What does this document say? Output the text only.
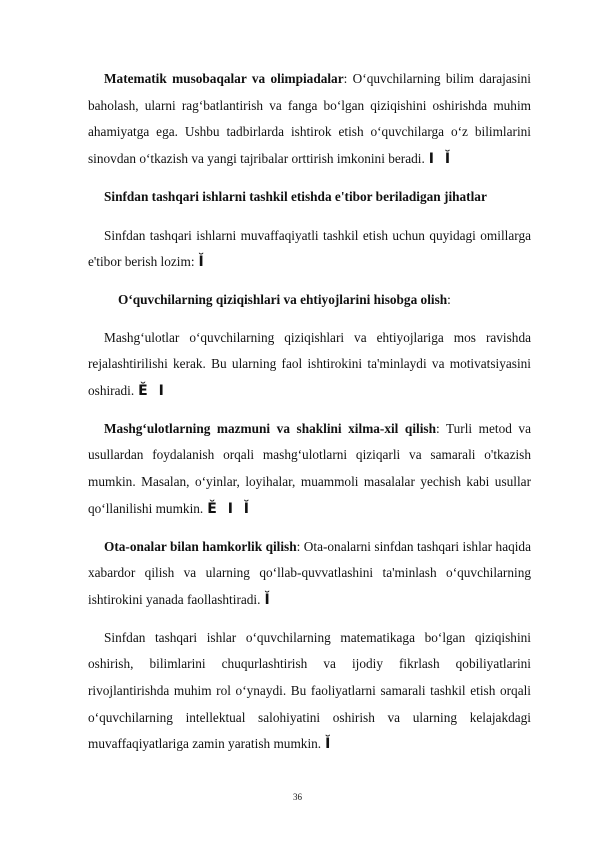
Matematik musobaqalar va olimpiadalar: O‘quvchilarning bilim darajasini baholash, ularni rag‘batlantirish va fanga bo‘lgan qiziqishini oshirishda muhim ahamiyatga ega. Ushbu tadbirlarda ishtirok etish o‘quvchilarga o‘z bilimlarini sinovdan o‘tkazish va yangi tajribalar orttirish imkonini beradi. I Ĭ

Sinfdan tashqari ishlarni tashkil etishda e'tibor beriladigan jihatlar

Sinfdan tashqari ishlarni muvaffaqiyatli tashkil etish uchun quyidagi omillarga e'tibor berish lozim: Ĭ

O‘quvchilarning qiziqishlari va ehtiyojlarini hisobga olish:

Mashg‘ulotlar o‘quvchilarning qiziqishlari va ehtiyojlariga mos ravishda rejalashtirilishi kerak. Bu ularning faol ishtirokini ta'minlaydi va motivatsiyasini oshiradi. Ě I

Mashg‘ulotlarning mazmuni va shaklini xilma-xil qilish: Turli metod va usullardan foydalanish orqali mashg‘ulotlarni qiziqarli va samarali o'tkazish mumkin. Masalan, o‘yinlar, loyihalar, muammoli masalalar yechish kabi usullar qo‘llanilishi mumkin. Ě I Ĭ

Ota-onalar bilan hamkorlik qilish: Ota-onalarni sinfdan tashqari ishlar haqida xabardor qilish va ularning qo‘llab-quvvatlashini ta'minlash o‘quvchilarning ishtirokini yanada faollashtiradi. Ĭ

Sinfdan tashqari ishlar o‘quvchilarning matematikaga bo‘lgan qiziqishini oshirish, bilimlarini chuqurlashtirish va ijodiy fikrlash qobiliyatlarini rivojlantirishda muhim rol o‘ynaydi. Bu faoliyatlarni samarali tashkil etish orqali o‘quvchilarning intellektual salohiyatini oshirish va ularning kelajakdagi muvaffaqiyatlariga zamin yaratish mumkin. Ĭ

36
